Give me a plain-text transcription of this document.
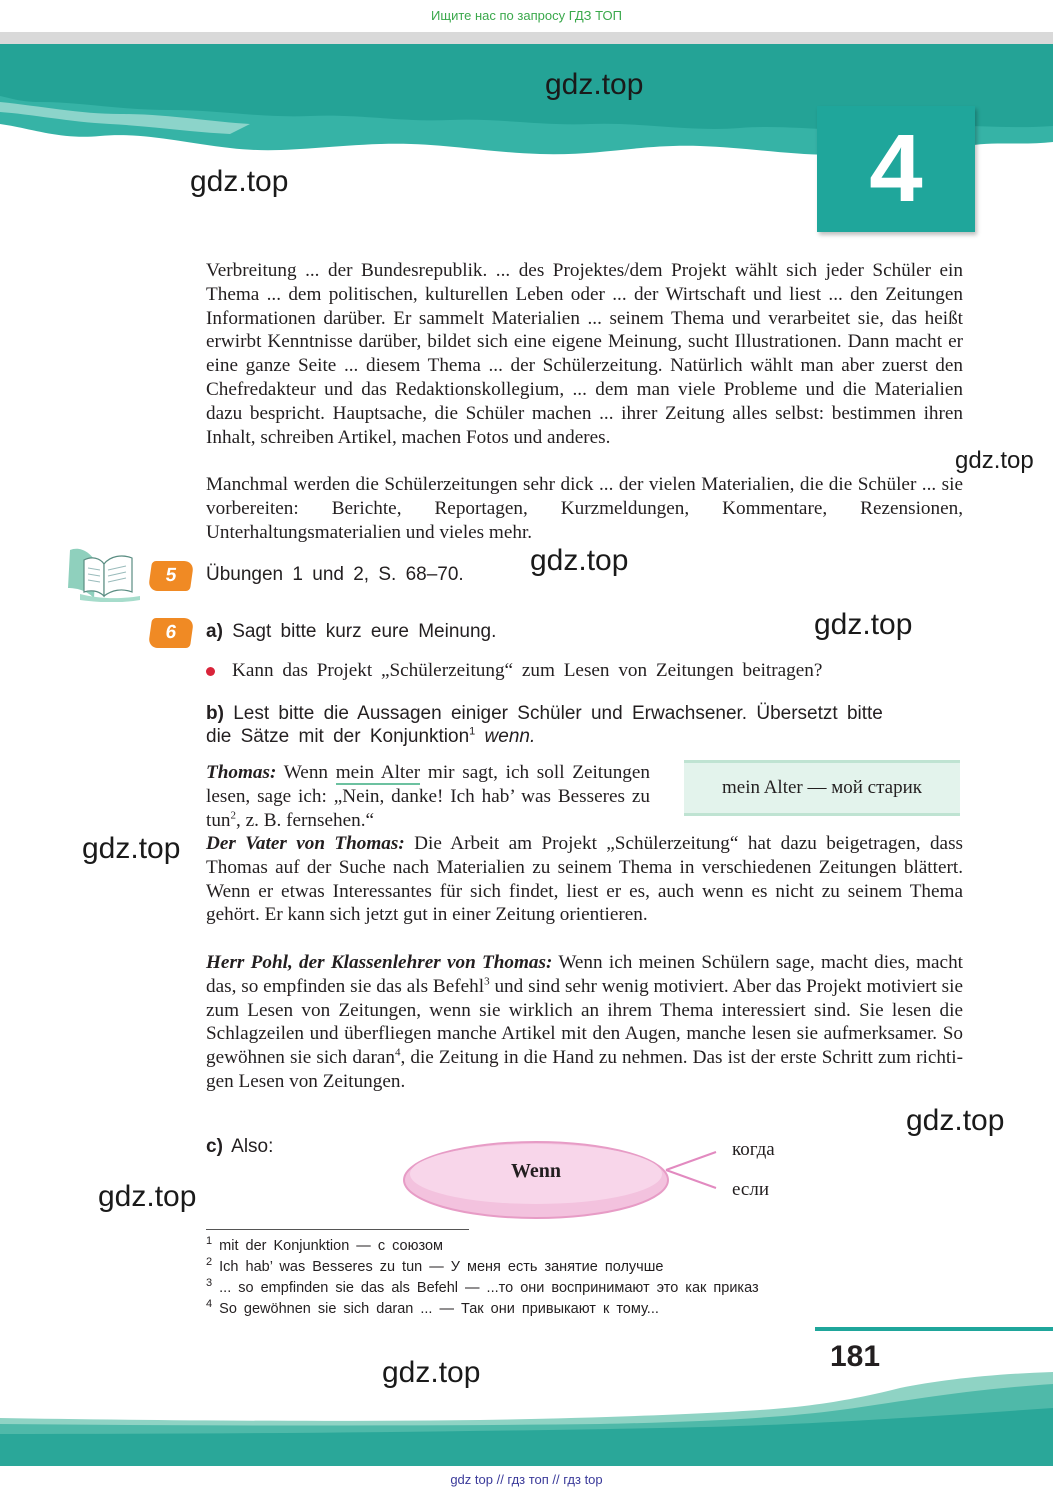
Ищите нас по запросу ГДЗ ТОП
4
gdz.top
gdz.top

Verbreitung ... der Bundesrepublik. ... des Projektes/dem Projekt wählt sich jeder Schüler ein Thema ... dem politischen, kulturellen Leben oder ... der Wirtschaft und liest ... den Zeitungen Informationen darüber. Er sammelt Materialien ... seinem Thema und verarbeitet sie, das heißt erwirbt Kenntnisse darüber, bildet sich eine eigene Meinung, sucht Illustrationen. Dann macht er eine ganze Seite ... diesem Thema ... der Schülerzeitung. Natürlich wählt man aber zuerst den Chefredakteur und das Redaktionskollegium, ... dem man viele Probleme und die Materialien dazu bespricht. Hauptsache, die Schüler machen ... ihrer Zeitung alles selbst: bestimmen ihren Inhalt, schreiben Artikel, machen Fotos und anderes.

gdz.top

Manchmal werden die Schülerzeitungen sehr dick ... der vielen Materialien, die die Schüler ... sie vorbereiten: Berichte, Reportagen, Kurzmeldungen, Kommentare, Rezensionen, Unterhaltungsmaterialien und vieles mehr.

5	Übungen 1 und 2, S. 68–70. gdz.top
6	a) Sagt bitte kurz eure Meinung.	gdz.top
Kann das Projekt „Schülerzeitung“ zum Lesen von Zeitungen beitragen?
b) Lest bitte die Aussagen einiger Schüler und Erwachsener. Übersetzt bitte
die Sätze mit der Konjunktion$^1$ wenn.

Thomas: Wenn mein Alter mir sagt, ich soll Zeitungen lesen, sage ich: „Nein, danke! Ich hab’ was Besseres zu tun$^2$, z. B. fernsehen.“

mein Alter — мой старик
gdz.top Der Vater von Thomas: Die Arbeit am Projekt „Schülerzeitung“ hat dazu beigetragen, dass Thomas auf der Suche nach Materialien zu seinem Thema in verschiedenen Zeitungen blättert. Wenn er etwas Interessantes für sich findet, liest er es, auch wenn es nicht zu seinem Thema gehört. Er kann sich jetzt gut in einer Zeitung orientieren.

Herr Pohl, der Klassenlehrer von Thomas: Wenn ich meinen Schülern sage, macht dies, macht das, so empfinden sie das als Befehl$^3$ und sind sehr wenig motiviert. Aber das Projekt motiviert sie zum Lesen von Zeitungen, wenn sie wirklich an ihrem Thema interessiert sind. Sie lesen die Schlagzeilen und überfliegen manche Artikel mit den Augen, manche lesen sie aufmerksamer. So gewöhnen sie sich daran$^4$, die Zeitung in die Hand zu nehmen. Das ist der erste Schritt zum richti-gen Lesen von Zeitungen.

gdz.top
c) Also:
Wenn
когда
если
gdz.top
$^1$ mit der Konjunktion — с союзом
$^2$ Ich hab’ was Besseres zu tun — У меня есть занятие получше
$^3$ ... so empfinden sie das als Befehl — ...то они воспринимают это как приказ
$^4$ So gewöhnen sie sich daran ... — Так они привыкают к тому...
181
gdz.top
gdz top // гдз топ // гдз top
